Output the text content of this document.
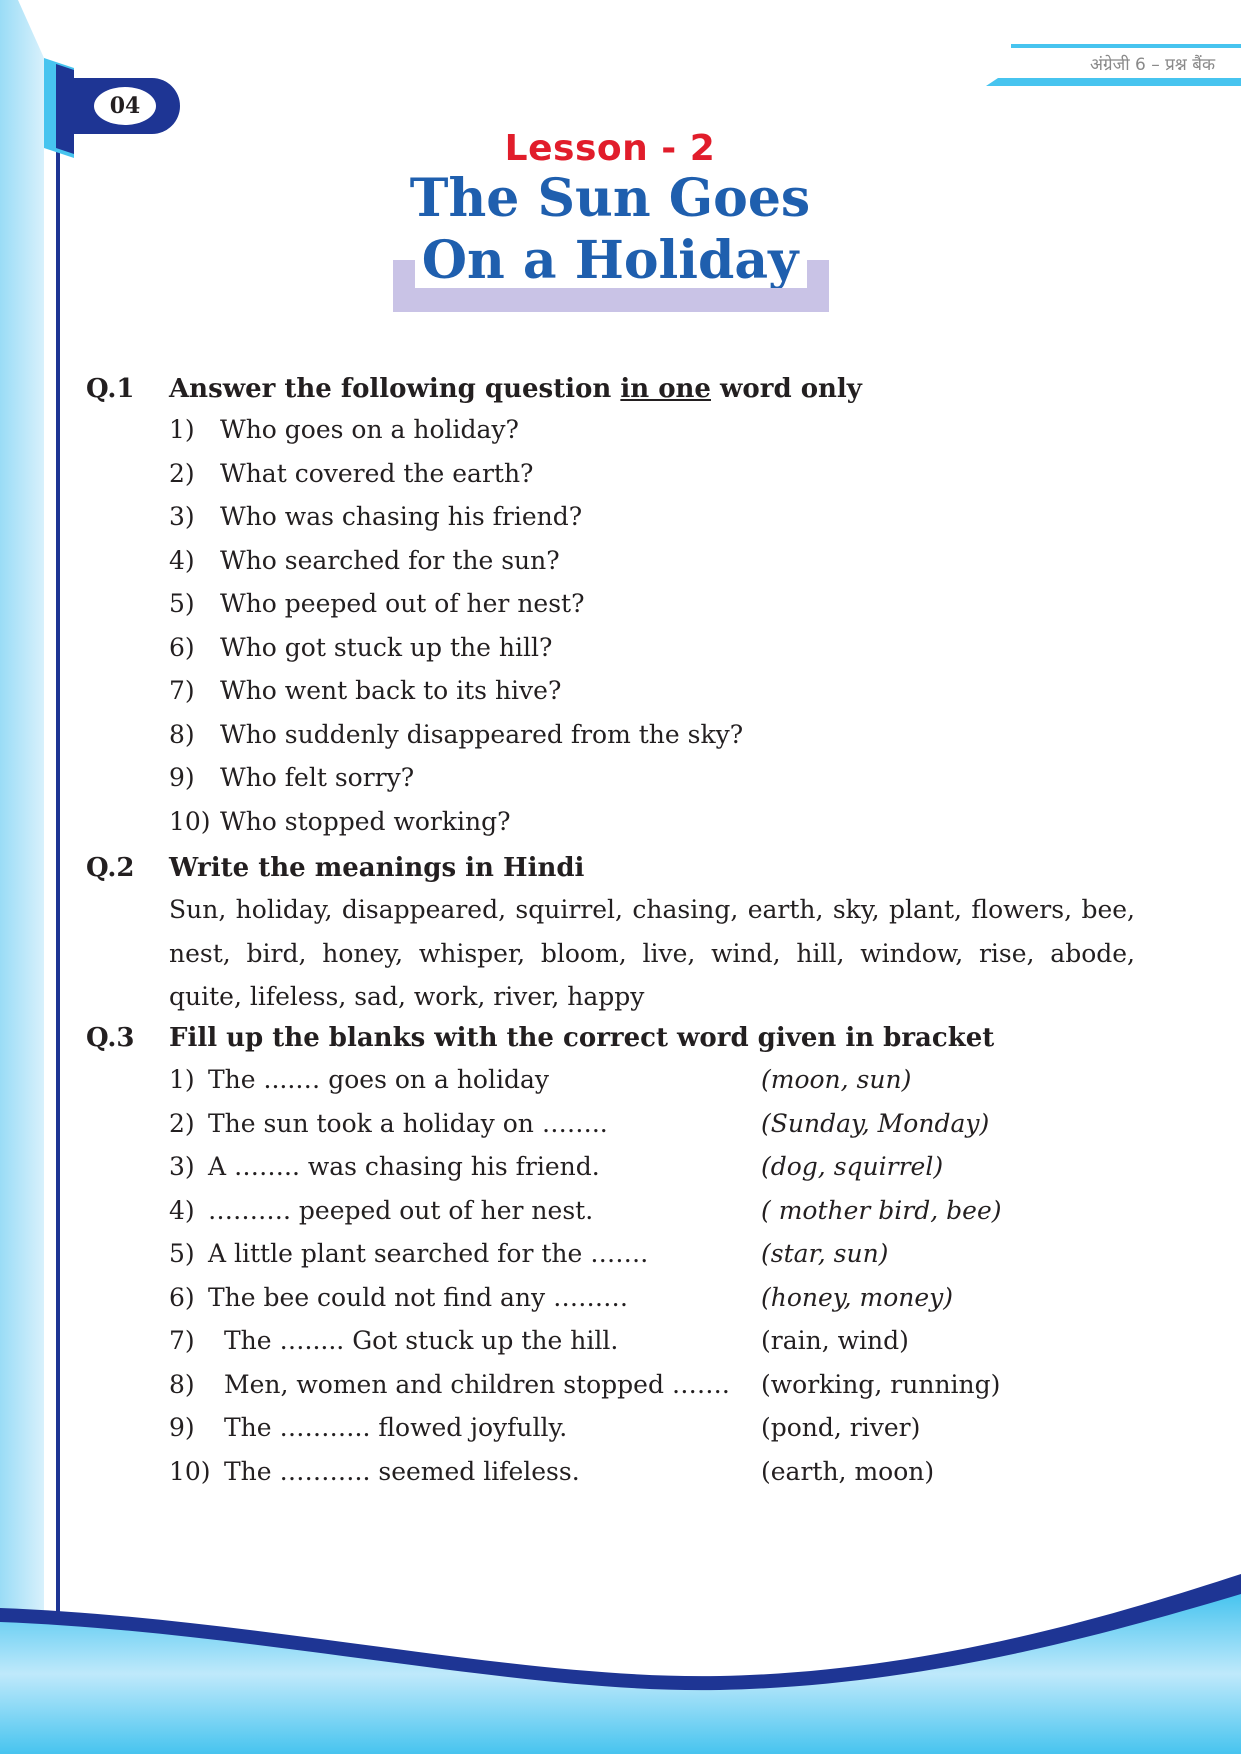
04
अंग्रेजी 6 – प्रश्न बैंक
Lesson - 2
The Sun Goes
On a Holiday
Q.1 Answer the following question in one word only
1) Who goes on a holiday?
2) What covered the earth?
3) Who was chasing his friend?
4) Who searched for the sun?
5) Who peeped out of her nest?
6) Who got stuck up the hill?
7) Who went back to its hive?
8) Who suddenly disappeared from the sky?
9) Who felt sorry?
10) Who stopped working?
Q.2 Write the meanings in Hindi
Sun, holiday, disappeared, squirrel, chasing, earth, sky, plant, flowers, bee, nest, bird, honey, whisper, bloom, live, wind, hill, window, rise, abode, quite, lifeless, sad, work, river, happy
Q.3 Fill up the blanks with the correct word given in bracket
1) The ....… goes on a holiday	(moon, sun)
2) The sun took a holiday on ……..	(Sunday, Monday)
3) A …….. was chasing his friend.	(dog, squirrel)
4) ………. peeped out of her nest.	( mother bird, bee)
5) A little plant searched for the …….	(star, sun)
6) The bee could not find any ………	(honey, money)
7) The …..... Got stuck up the hill.	(rain, wind)
8) Men, women and children stopped ……. (working, running)
9) The ……….. flowed joyfully.	(pond, river)
10) The ……….. seemed lifeless.	(earth, moon)
